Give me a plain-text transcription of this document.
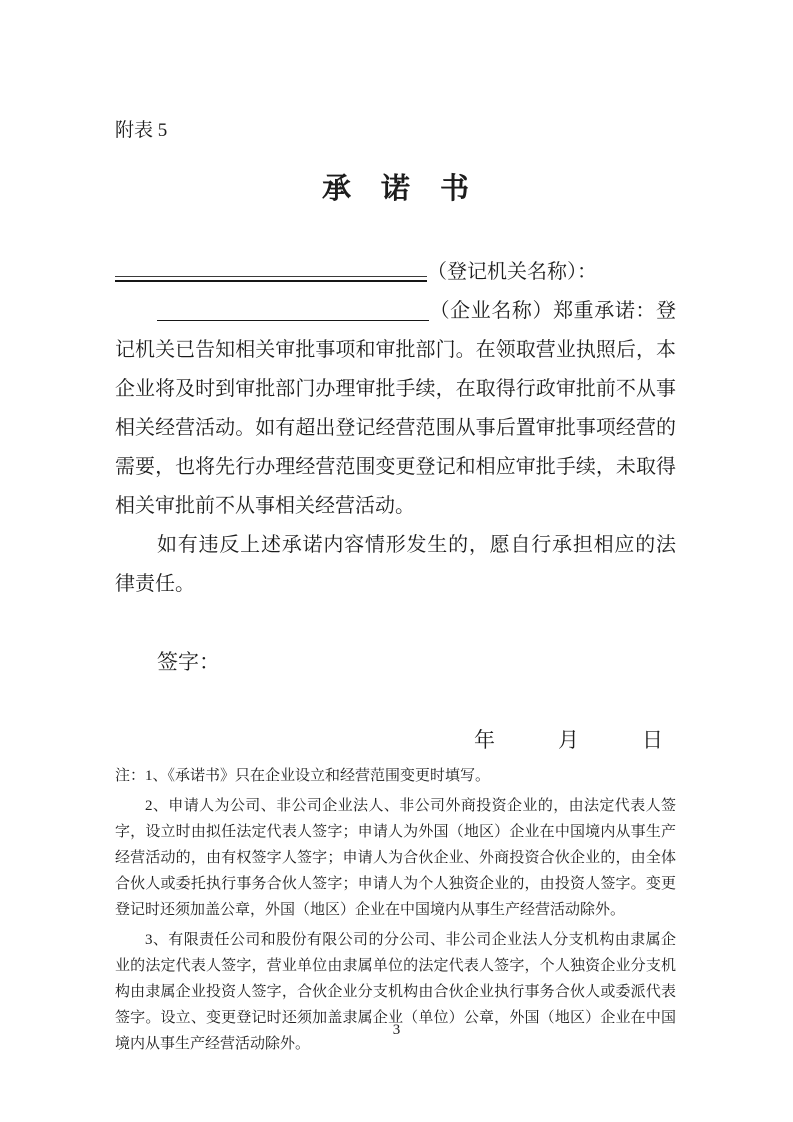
附表 5
承诺书
（登记机关名称）：

（企业名称）郑重承诺：登记机关已告知相关审批事项和审批部门。在领取营业执照后，本企业将及时到审批部门办理审批手续，在取得行政审批前不从事相关经营活动。如有超出登记经营范围从事后置审批事项经营的需要，也将先行办理经营范围变更登记和相应审批手续，未取得相关审批前不从事相关经营活动。

如有违反上述承诺内容情形发生的，愿自行承担相应的法律责任。

签字：
年	月	日

注：1、《承诺书》只在企业设立和经营范围变更时填写。

2、申请人为公司、非公司企业法人、非公司外商投资企业的，由法定代表人签字，设立时由拟任法定代表人签字；申请人为外国（地区）企业在中国境内从事生产经营活动的，由有权签字人签字；申请人为合伙企业、外商投资合伙企业的，由全体合伙人或委托执行事务合伙人签字；申请人为个人独资企业的，由投资人签字。变更登记时还须加盖公章，外国（地区）企业在中国境内从事生产经营活动除外。

3、有限责任公司和股份有限公司的分公司、非公司企业法人分支机构由隶属企业的法定代表人签字，营业单位由隶属单位的法定代表人签字，个人独资企业分支机构由隶属企业投资人签字，合伙企业分支机构由合伙企业执行事务合伙人或委派代表签字。设立、变更登记时还须加盖隶属企业（单位）公章，外国（地区）企业在中国境内从事生产经营活动除外。

3
